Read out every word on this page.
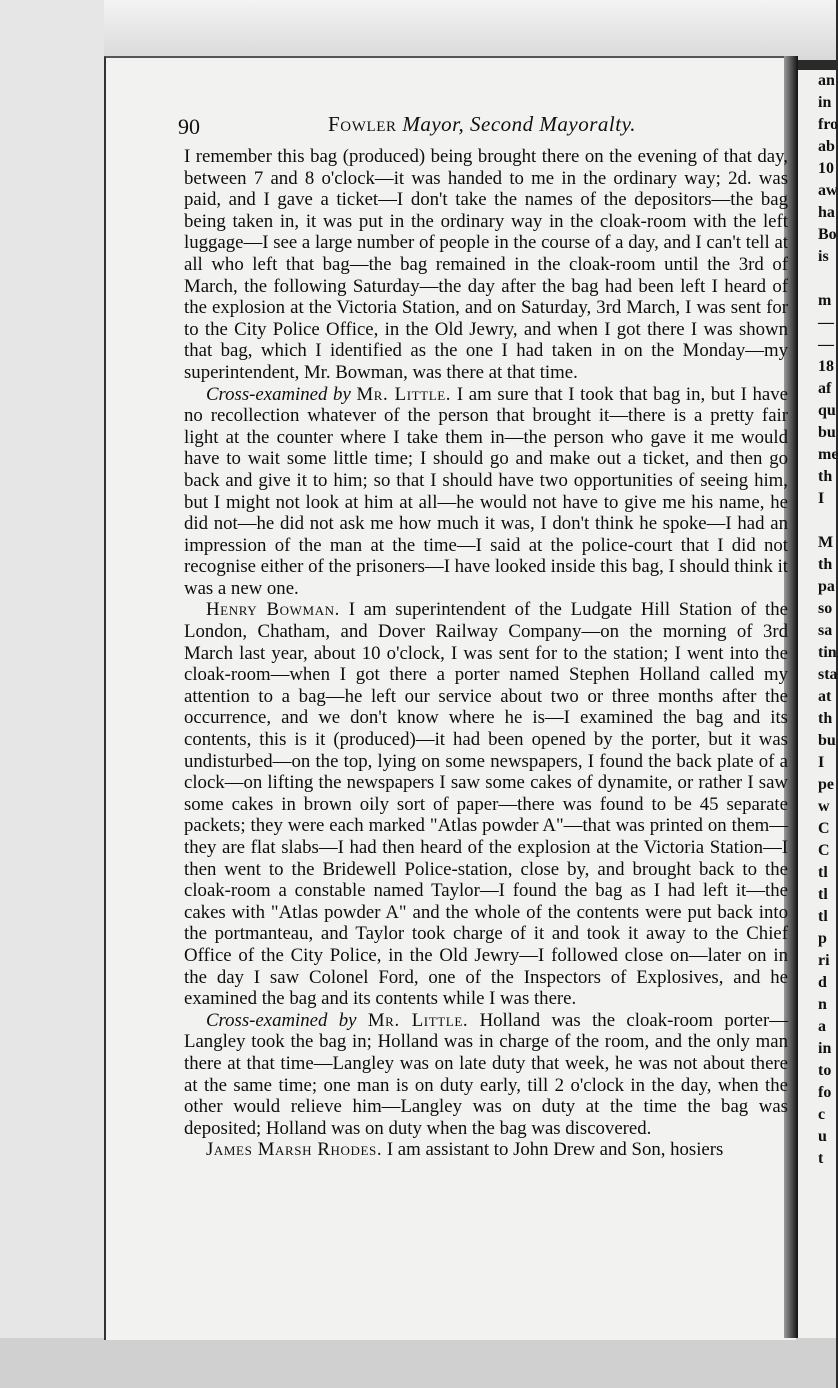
an
in
fro
ab
10
aw
ha
Bo
is
m
—
—
18
af
qu
bu
me
th
I
M
th
pa
so
sa
tin
sta
at
th
bu
I
pe
w
C
C
tl
tl
tl
p
ri
d
n
a
in
to
fo
c
u
t
90	Fowler Mayor, Second Mayoralty.

I remember this bag (produced) being brought there on the evening of that day, between 7 and 8 o'clock—it was handed to me in the ordinary way; 2d. was paid, and I gave a ticket—I don't take the names of the depositors—the bag being taken in, it was put in the ordinary way in the cloak-room with the left luggage—I see a large number of people in the course of a day, and I can't tell at all who left that bag—the bag remained in the cloak-room until the 3rd of March, the following Saturday—the day after the bag had been left I heard of the explosion at the Victoria Station, and on Saturday, 3rd March, I was sent for to the City Police Office, in the Old Jewry, and when I got there I was shown that bag, which I identified as the one I had taken in on the Monday—my superintendent, Mr. Bowman, was there at that time.

Cross-examined by Mr. Little. I am sure that I took that bag in, but I have no recollection whatever of the person that brought it—there is a pretty fair light at the counter where I take them in—the person who gave it me would have to wait some little time; I should go and make out a ticket, and then go back and give it to him; so that I should have two opportunities of seeing him, but I might not look at him at all—he would not have to give me his name, he did not—he did not ask me how much it was, I don't think he spoke—I had an impression of the man at the time—I said at the police-court that I did not recognise either of the prisoners—I have looked inside this bag, I should think it was a new one.

Henry Bowman. I am superintendent of the Ludgate Hill Station of the London, Chatham, and Dover Railway Company—on the morning of 3rd March last year, about 10 o'clock, I was sent for to the station; I went into the cloak-room—when I got there a porter named Stephen Holland called my attention to a bag—he left our service about two or three months after the occurrence, and we don't know where he is—I examined the bag and its contents, this is it (produced)—it had been opened by the porter, but it was undisturbed—on the top, lying on some newspapers, I found the back plate of a clock—on lifting the newspapers I saw some cakes of dynamite, or rather I saw some cakes in brown oily sort of paper—there was found to be 45 separate packets; they were each marked "Atlas powder A"—that was printed on them—they are flat slabs—I had then heard of the explosion at the Victoria Station—I then went to the Bridewell Police-station, close by, and brought back to the cloak-room a constable named Taylor—I found the bag as I had left it—the cakes with "Atlas powder A" and the whole of the contents were put back into the portmanteau, and Taylor took charge of it and took it away to the Chief Office of the City Police, in the Old Jewry—I followed close on—later on in the day I saw Colonel Ford, one of the Inspectors of Explosives, and he examined the bag and its contents while I was there.

Cross-examined by Mr. Little. Holland was the cloak-room porter—Langley took the bag in; Holland was in charge of the room, and the only man there at that time—Langley was on late duty that week, he was not about there at the same time; one man is on duty early, till 2 o'clock in the day, when the other would relieve him—Langley was on duty at the time the bag was deposited; Holland was on duty when the bag was discovered.

James Marsh Rhodes. I am assistant to John Drew and Son, hosiers
